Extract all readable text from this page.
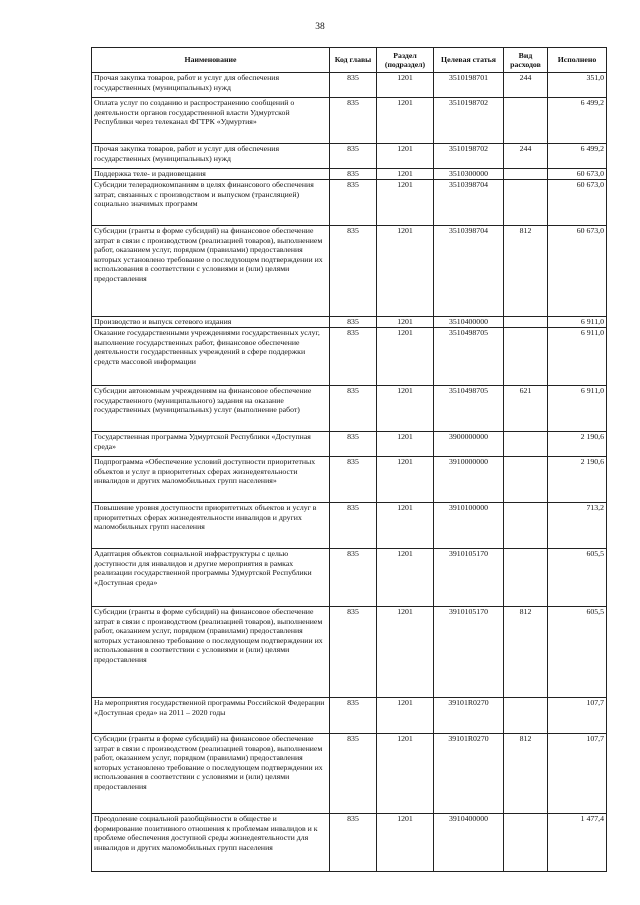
38
Наименование	Код главы	Раздел (подраздел)	Целевая статья	Вид расходов	Исполнено
Прочая закупка товаров, работ и услуг для обеспечения государственных (муниципальных) нужд	835	1201	3510198701	244	351,0
Оплата услуг по созданию и распространению сообщений о деятельности органов государственной власти Удмуртской Республики через телеканал ФГТРК «Удмуртия»	835	1201	3510198702		6 499,2
Прочая закупка товаров, работ и услуг для обеспечения государственных (муниципальных) нужд	835	1201	3510198702	244	6 499,2
Поддержка теле- и радиовещания	835	1201	3510300000		60 673,0
Субсидии телерадиокомпаниям в целях финансового обеспечения затрат, связанных с производством и выпуском (трансляцией) социально значимых программ	835	1201	3510398704		60 673,0
Субсидии (гранты в форме субсидий) на финансовое обеспечение затрат в связи с производством (реализацией товаров), выполнением работ, оказанием услуг, порядком (правилами) предоставления которых установлено требование о последующем подтверждении их использования в соответствии с условиями и (или) целями предоставления	835	1201	3510398704	812	60 673,0
Производство и выпуск сетевого издания	835	1201	3510400000		6 911,0
Оказание государственными учреждениями государственных услуг, выполнение государственных работ, финансовое обеспечение деятельности государственных учреждений в сфере поддержки средств массовой информации	835	1201	3510498705		6 911,0
Субсидии автономным учреждениям на финансовое обеспечение государственного (муниципального) задания на оказание государственных (муниципальных) услуг (выполнение работ)	835	1201	3510498705	621	6 911,0
Государственная программа Удмуртской Республики «Доступная среда»	835	1201	3900000000		2 190,6
Подпрограмма «Обеспечение условий доступности приоритетных объектов и услуг в приоритетных сферах жизнедеятельности инвалидов и других маломобильных групп населения»	835	1201	3910000000		2 190,6
Повышение уровня доступности приоритетных объектов и услуг в приоритетных сферах жизнедеятельности инвалидов и других маломобильных групп населения	835	1201	3910100000		713,2
Адаптация объектов социальной инфраструктуры с целью доступности для инвалидов и другие мероприятия в рамках реализации государственной программы Удмуртской Республики «Доступная среда»	835	1201	3910105170		605,5
Субсидии (гранты в форме субсидий) на финансовое обеспечение затрат в связи с производством (реализацией товаров), выполнением работ, оказанием услуг, порядком (правилами) предоставления которых установлено требование о последующем подтверждении их использования в соответствии с условиями и (или) целями предоставления	835	1201	3910105170	812	605,5
На мероприятия государственной программы Российской Федерации «Доступная среда» на 2011 – 2020 годы	835	1201	39101R0270		107,7
Субсидии (гранты в форме субсидий) на финансовое обеспечение затрат в связи с производством (реализацией товаров), выполнением работ, оказанием услуг, порядком (правилами) предоставления которых установлено требование о последующем подтверждении их использования в соответствии с условиями и (или) целями предоставления	835	1201	39101R0270	812	107,7
Преодоление социальной разобщённости в обществе и формирование позитивного отношения к проблемам инвалидов и к проблеме обеспечения доступной среды жизнедеятельности для инвалидов и других маломобильных групп населения	835	1201	3910400000		1 477,4
